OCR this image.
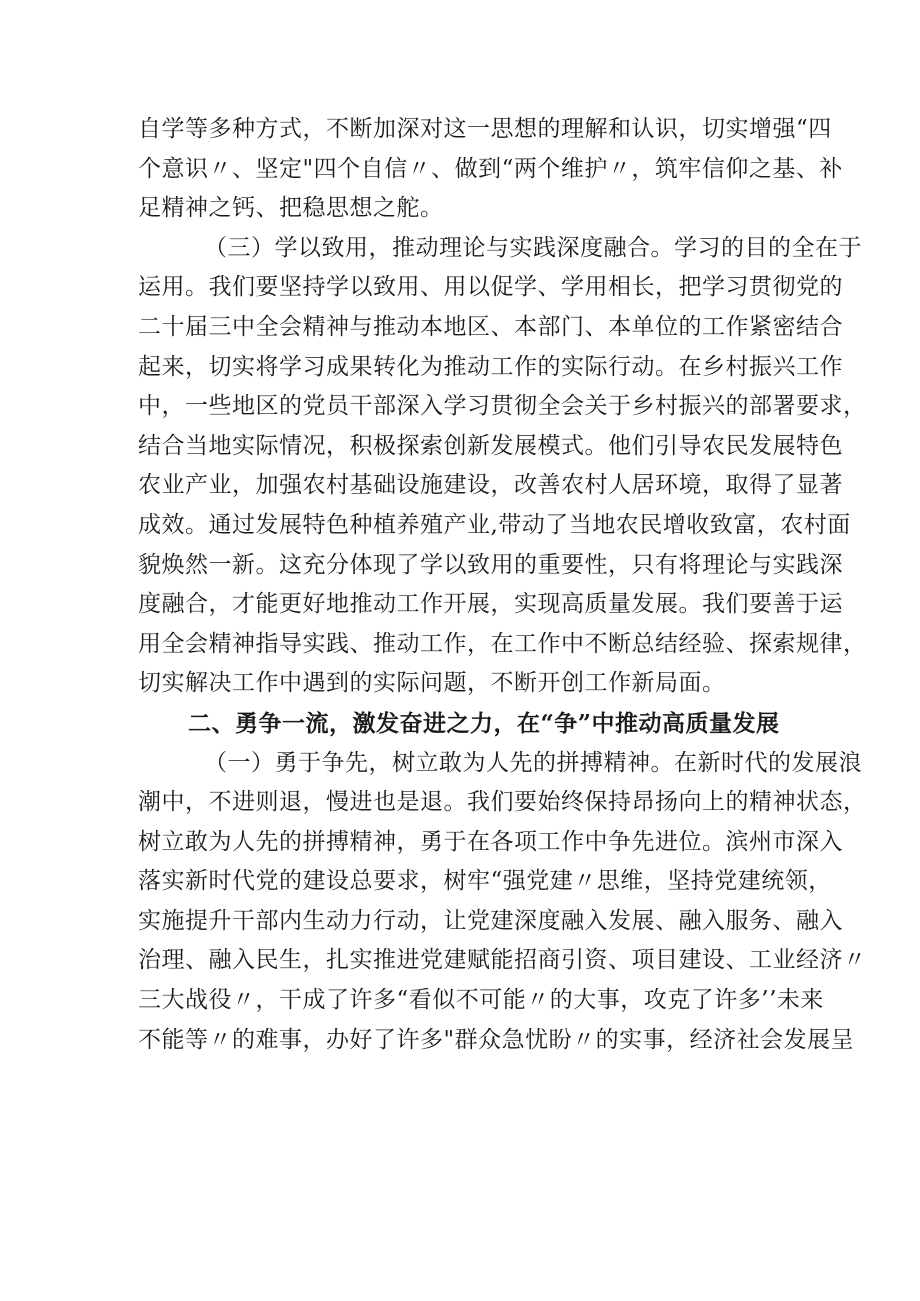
自学等多种方式，不断加深对这一思想的理解和认识，切实增强“四
个意识〃、坚定"四个自信〃、做到“两个维护〃，筑牢信仰之基、补
足精神之钙、把稳思想之舵。
（三）学以致用，推动理论与实践深度融合。学习的目的全在于
运用。我们要坚持学以致用、用以促学、学用相长，把学习贯彻党的
二十届三中全会精神与推动本地区、本部门、本单位的工作紧密结合
起来，切实将学习成果转化为推动工作的实际行动。在乡村振兴工作
中，一些地区的党员干部深入学习贯彻全会关于乡村振兴的部署要求，
结合当地实际情况，积极探索创新发展模式。他们引导农民发展特色
农业产业，加强农村基础设施建设，改善农村人居环境，取得了显著
成效。通过发展特色种植养殖产业,带动了当地农民增收致富，农村面
貌焕然一新。这充分体现了学以致用的重要性，只有将理论与实践深
度融合，才能更好地推动工作开展，实现高质量发展。我们要善于运
用全会精神指导实践、推动工作，在工作中不断总结经验、探索规律，
切实解决工作中遇到的实际问题，不断开创工作新局面。
二、勇争一流，激发奋进之力，在“争”中推动高质量发展
（一）勇于争先，树立敢为人先的拼搏精神。在新时代的发展浪
潮中，不进则退，慢进也是退。我们要始终保持昂扬向上的精神状态，
树立敢为人先的拼搏精神，勇于在各项工作中争先进位。滨州市深入
落实新时代党的建设总要求，树牢“强党建〃思维，坚持党建统领，
实施提升干部内生动力行动，让党建深度融入发展、融入服务、融入
治理、融入民生，扎实推进党建赋能招商引资、项目建设、工业经济〃
三大战役〃，干成了许多“看似不可能〃的大事，攻克了许多’’未来
不能等〃的难事，办好了许多"群众急忧盼〃的实事，经济社会发展呈
